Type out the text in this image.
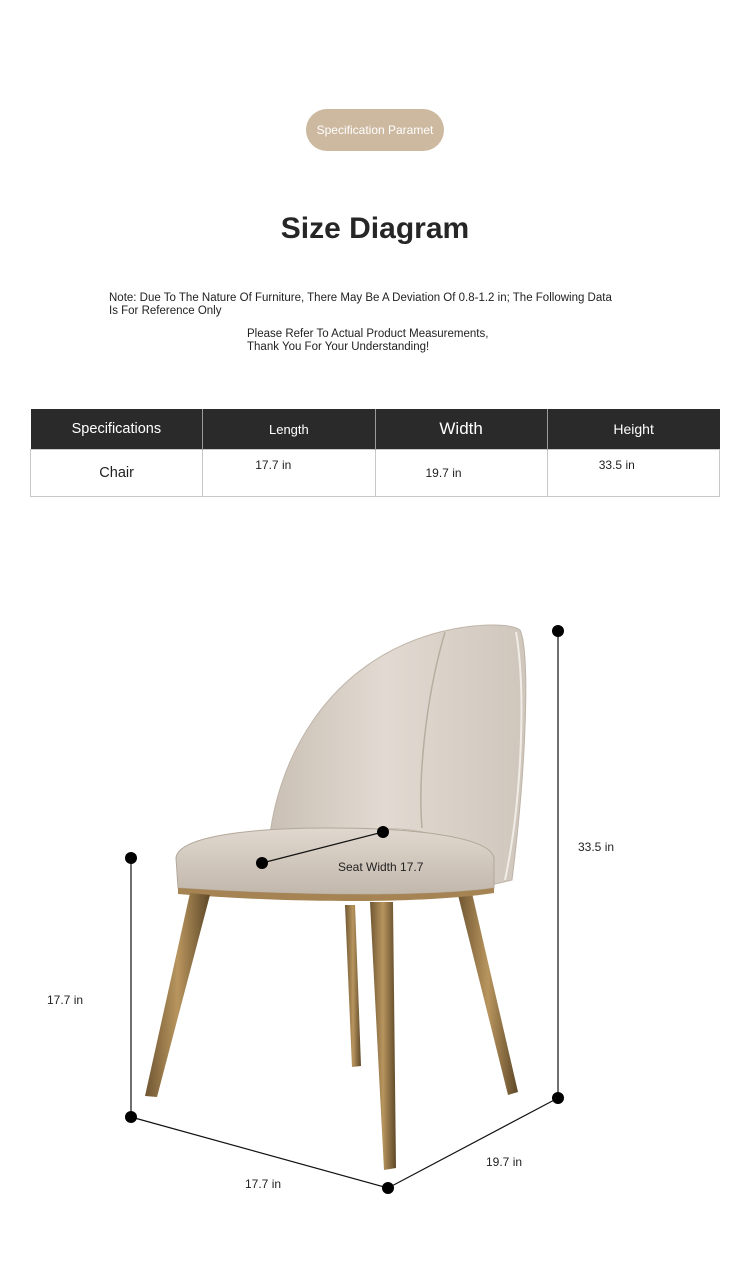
Specification Paramet
Size Diagram
Note: Due To The Nature Of Furniture, There May Be A Deviation Of 0.8-1.2 in; The Following Data
Is For Reference Only
Please Refer To Actual Product Measurements,
Thank You For Your Understanding!
Specifications	Length	Width	Height
Chair	17.7 in	19.7 in	33.5 in
Seat Width 17.7
33.5 in
17.7 in
17.7 in
19.7 in
